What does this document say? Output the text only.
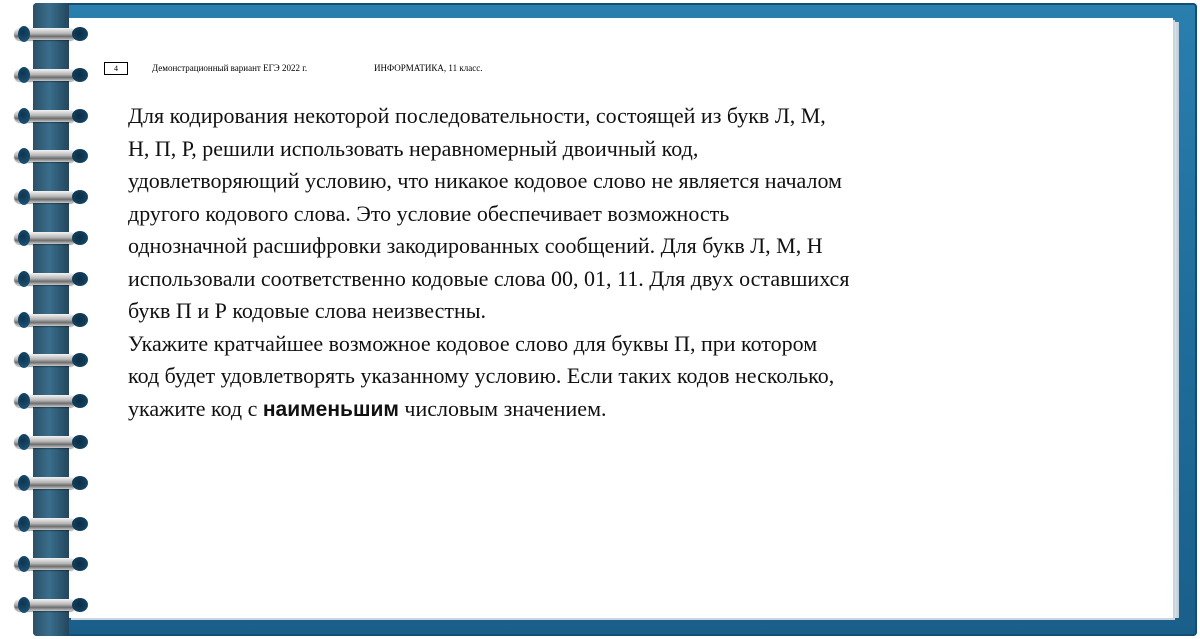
4	Демонстрационный вариант ЕГЭ 2022 г.	ИНФОРМАТИКА, 11 класс.
Для кодирования некоторой последовательности, состоящей из букв Л, М,
Н, П, Р, решили использовать неравномерный двоичный код,
удовлетворяющий условию, что никакое кодовое слово не является началом
другого кодового слова. Это условие обеспечивает возможность
однозначной расшифровки закодированных сообщений. Для букв Л, М, Н
использовали соответственно кодовые слова 00, 01, 11. Для двух оставшихся
букв П и Р кодовые слова неизвестны.
Укажите кратчайшее возможное кодовое слово для буквы П, при котором
код будет удовлетворять указанному условию. Если таких кодов несколько,
укажите код с наименьшим числовым значением.
